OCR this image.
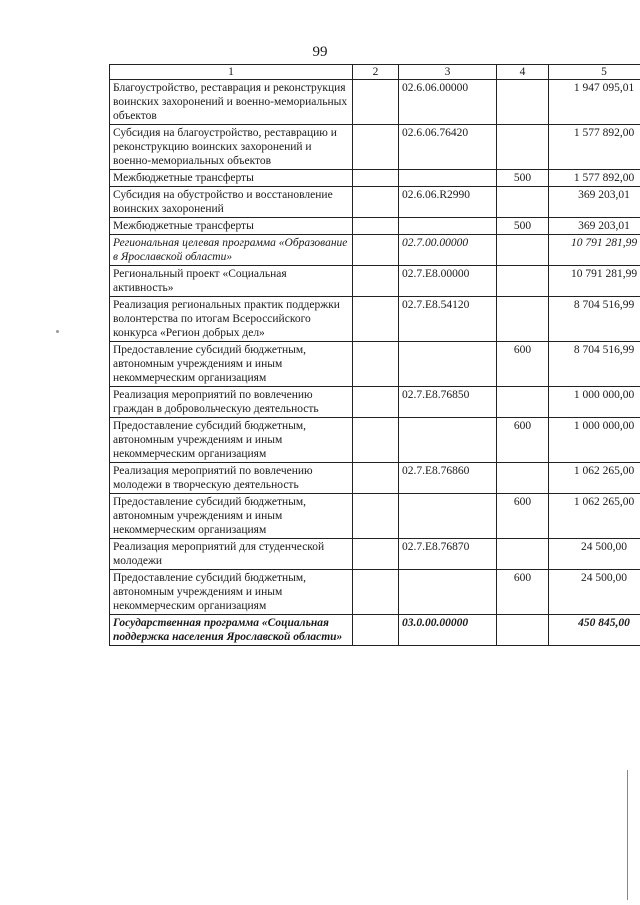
99
1	2	3	4	5
Благоустройство, реставрация и реконструкция воинских захоронений и военно-мемориальных объектов		02.6.06.00000		1 947 095,01
Субсидия на благоустройство, реставрацию и реконструкцию воинских захоронений и военно-мемориальных объектов		02.6.06.76420		1 577 892,00
Межбюджетные трансферты			500	1 577 892,00
Субсидия на обустройство и восстановление воинских захоронений		02.6.06.R2990		369 203,01
Межбюджетные трансферты			500	369 203,01
Региональная целевая программа «Образование в Ярославской области»		02.7.00.00000		10 791 281,99
Региональный проект «Социальная активность»		02.7.Е8.00000		10 791 281,99
Реализация региональных практик поддержки волонтерства по итогам Всероссийского конкурса «Регион добрых дел»		02.7.Е8.54120		8 704 516,99
Предоставление субсидий бюджетным, автономным учреждениям и иным некоммерческим организациям			600	8 704 516,99
Реализация мероприятий по вовлечению граждан в добровольческую деятельность		02.7.Е8.76850		1 000 000,00
Предоставление субсидий бюджетным, автономным учреждениям и иным некоммерческим организациям			600	1 000 000,00
Реализация мероприятий по вовлечению молодежи в творческую деятельность		02.7.Е8.76860		1 062 265,00
Предоставление субсидий бюджетным, автономным учреждениям и иным некоммерческим организациям			600	1 062 265,00
Реализация мероприятий для студенческой молодежи		02.7.Е8.76870		24 500,00
Предоставление субсидий бюджетным, автономным учреждениям и иным некоммерческим организациям			600	24 500,00
Государственная программа «Социальная поддержка населения Ярославской области»		03.0.00.00000		450 845,00
